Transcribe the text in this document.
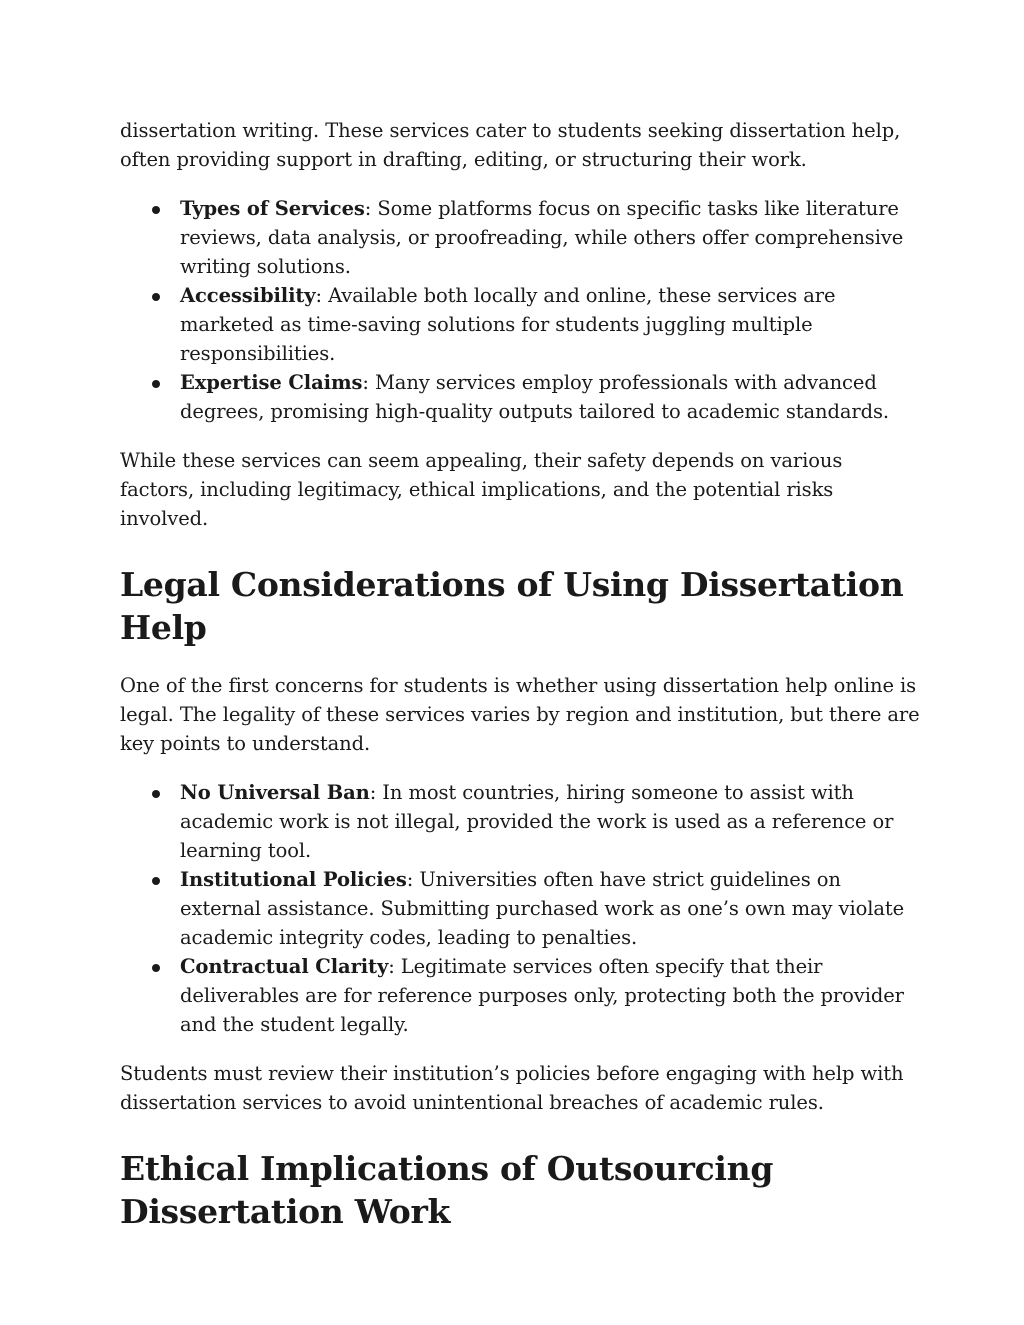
dissertation writing. These services cater to students seeking dissertation help, often providing support in drafting, editing, or structuring their work.

Types of Services: Some platforms focus on specific tasks like literature reviews, data analysis, or proofreading, while others offer comprehensive writing solutions.
Accessibility: Available both locally and online, these services are marketed as time-saving solutions for students juggling multiple responsibilities.
Expertise Claims: Many services employ professionals with advanced degrees, promising high-quality outputs tailored to academic standards.

While these services can seem appealing, their safety depends on various factors, including legitimacy, ethical implications, and the potential risks involved.

Legal Considerations of Using Dissertation Help

One of the first concerns for students is whether using dissertation help online is legal. The legality of these services varies by region and institution, but there are key points to understand.

No Universal Ban: In most countries, hiring someone to assist with academic work is not illegal, provided the work is used as a reference or learning tool.
Institutional Policies: Universities often have strict guidelines on external assistance. Submitting purchased work as one’s own may violate academic integrity codes, leading to penalties.
Contractual Clarity: Legitimate services often specify that their deliverables are for reference purposes only, protecting both the provider and the student legally.

Students must review their institution’s policies before engaging with help with dissertation services to avoid unintentional breaches of academic rules.

Ethical Implications of Outsourcing Dissertation Work
